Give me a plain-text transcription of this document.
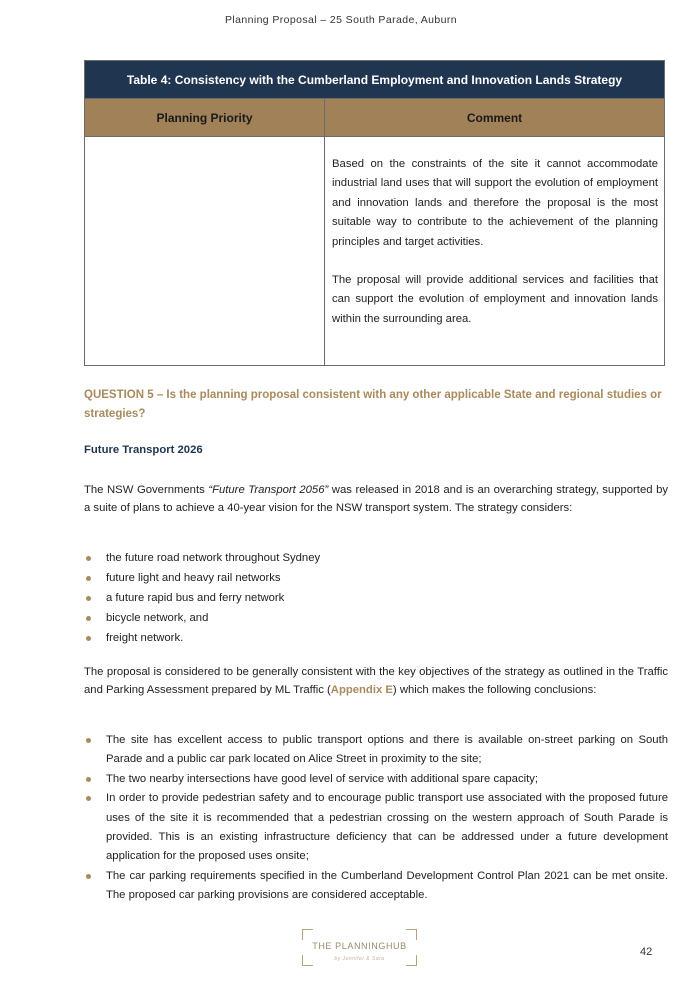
Planning Proposal – 25 South Parade, Auburn
Table 4: Consistency with the Cumberland Employment and Innovation Lands Strategy	
Planning Priority	Comment

	Based on the constraints of the site it cannot accommodate industrial land uses that will support the evolution of employment and innovation lands and therefore the proposal is the most suitable way to contribute to the achievement of the planning principles and target activities.

The proposal will provide additional services and facilities that can support the evolution of employment and innovation lands within the surrounding area.

QUESTION 5 – Is the planning proposal consistent with any other applicable State and regional studies or strategies?
Future Transport 2026

The NSW Governments “Future Transport 2056” was released in 2018 and is an overarching strategy, supported by a suite of plans to achieve a 40-year vision for the NSW transport system. The strategy considers:

the future road network throughout Sydney
future light and heavy rail networks
a future rapid bus and ferry network
bicycle network, and
freight network.

The proposal is considered to be generally consistent with the key objectives of the strategy as outlined in the Traffic and Parking Assessment prepared by ML Traffic (Appendix E) which makes the following conclusions:

The site has excellent access to public transport options and there is available on-street parking on South Parade and a public car park located on Alice Street in proximity to the site;
The two nearby intersections have good level of service with additional spare capacity;
In order to provide pedestrian safety and to encourage public transport use associated with the proposed future uses of the site it is recommended that a pedestrian crossing on the western approach of South Parade is provided. This is an existing infrastructure deficiency that can be addressed under a future development application for the proposed uses onsite;
The car parking requirements specified in the Cumberland Development Control Plan 2021 can be met onsite. The proposed car parking provisions are considered acceptable.
THE PLANNINGHUB
by Jennifer & Sara
42
